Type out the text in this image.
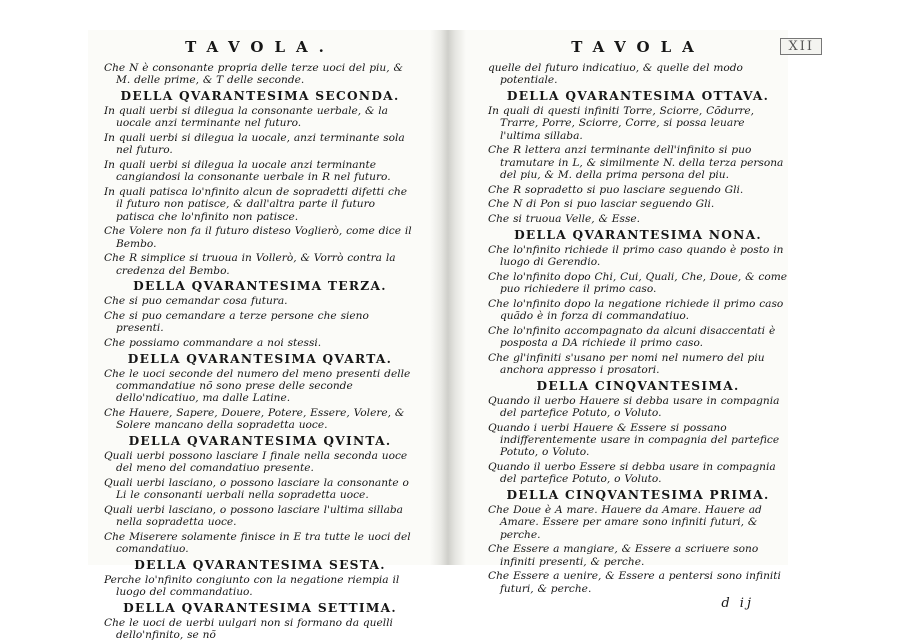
TAVOLA.
Che N è consonante propria delle terze uoci del piu, & M. delle prime, & T delle seconde.
DELLA QVARANTESIMA SECONDA.
In quali uerbi si dilegua la consonante uerbale, & la uocale anzi terminante nel futuro.
In quali uerbi si dilegua la uocale, anzi terminante sola nel futuro.
In quali uerbi si dilegua la uocale anzi terminante cangiandosi la consonante uerbale in R nel futuro.
In quali patisca lo'nfinito alcun de sopradetti difetti che il futuro non patisce, & dall'altra parte il futuro patisca che lo'nfinito non patisce.
Che Volere non fa il futuro disteso Voglierò, come dice il Bembo.
Che R simplice si truoua in Vollerò, & Vorrò contra la credenza del Bembo.
DELLA QVARANTESIMA TERZA.
Che si puo cemandar cosa futura.
Che si puo cemandare a terze persone che sieno presenti.
Che possiamo commandare a noi stessi.
DELLA QVARANTESIMA QVARTA.
Che le uoci seconde del numero del meno presenti delle commandatiue nõ sono prese delle seconde dello'ndicatiuo, ma dalle Latine.
Che Hauere, Sapere, Douere, Potere, Essere, Volere, & Solere mancano della sopradetta uoce.
DELLA QVARANTESIMA QVINTA.
Quali uerbi possono lasciare I finale nella seconda uoce del meno del comandatiuo presente.
Quali uerbi lasciano, o possono lasciare la consonante o Li le consonanti uerbali nella sopradetta uoce.
Quali uerbi lasciano, o possono lasciare l'ultima sillaba nella sopradetta uoce.
Che Miserere solamente finisce in E tra tutte le uoci del comandatiuo.
DELLA QVARANTESIMA SESTA.
Perche lo'nfinito congiunto con la negatione riempia il luogo del commandatiuo.
DELLA QVARANTESIMA SETTIMA.
Che le uoci de uerbi uulgari non si formano da quelli dello'nfinito, se nõ
TAVOLA	XII
quelle del futuro indicatiuo, & quelle del modo potentiale.
DELLA QVARANTESIMA OTTAVA.
In quali di questi infiniti Torre, Sciorre, Cõdurre, Trarre, Porre, Sciorre, Corre, si possa leuare l'ultima sillaba.
Che R lettera anzi terminante dell'infinito si puo tramutare in L, & similmente N. della terza persona del piu, & M. della prima persona del piu.
Che R sopradetto si puo lasciare seguendo Gli.
Che N di Pon si puo lasciar seguendo Gli.
Che si truoua Velle, & Esse.
DELLA QVARANTESIMA NONA.
Che lo'nfinito richiede il primo caso quando è posto in luogo di Gerendio.
Che lo'nfinito dopo Chi, Cui, Quali, Che, Doue, & come puo richiedere il primo caso.
Che lo'nfinito dopo la negatione richiede il primo caso quãdo è in forza di commandatiuo.
Che lo'nfinito accompagnato da alcuni disaccentati è posposta a DA richiede il primo caso.
Che gl'infiniti s'usano per nomi nel numero del piu anchora appresso i prosatori.
DELLA CINQVANTESIMA.
Quando il uerbo Hauere si debba usare in compagnia del partefice Potuto, o Voluto.
Quando i uerbi Hauere & Essere si possano indifferentemente usare in compagnia del partefice Potuto, o Voluto.
Quando il uerbo Essere si debba usare in compagnia del partefice Potuto, o Voluto.
DELLA CINQVANTESIMA PRIMA.
Che Doue è A mare. Hauere da Amare. Hauere ad Amare. Essere per amare sono infiniti futuri, & perche.
Che Essere a mangiare, & Essere a scriuere sono infiniti presenti, & perche.
Che Essere a uenire, & Essere a pentersi sono infiniti futuri, & perche.
d ij
